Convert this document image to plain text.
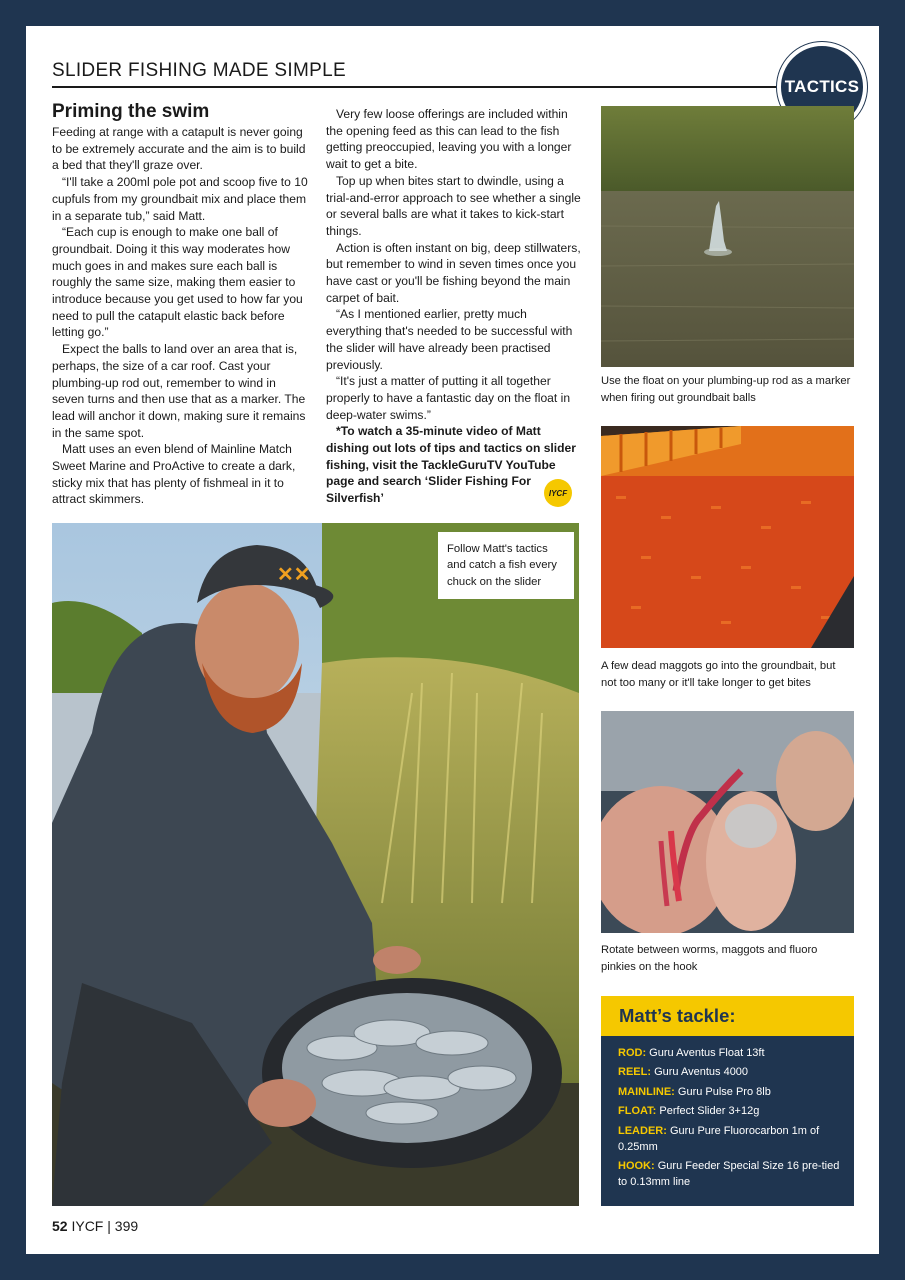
SLIDER FISHING MADE SIMPLE
TACTICS
Priming the swim

Feeding at range with a catapult is never going to be extremely accurate and the aim is to build a bed that they'll graze over.

“I'll take a 200ml pole pot and scoop five to 10 cupfuls from my groundbait mix and place them in a separate tub,” said Matt.

“Each cup is enough to make one ball of groundbait. Doing it this way moderates how much goes in and makes sure each ball is roughly the same size, making them easier to introduce because you get used to how far you need to pull the catapult elastic back before letting go.”

Expect the balls to land over an area that is, perhaps, the size of a car roof. Cast your plumbing-up rod out, remember to wind in seven turns and then use that as a marker. The lead will anchor it down, making sure it remains in the same spot.

Matt uses an even blend of Mainline Match Sweet Marine and ProActive to create a dark, sticky mix that has plenty of fishmeal in it to attract skimmers.

Very few loose offerings are included within the opening feed as this can lead to the fish getting preoccupied, leaving you with a longer wait to get a bite.

Top up when bites start to dwindle, using a trial-and-error approach to see whether a single or several balls are what it takes to kick-start things.

Action is often instant on big, deep stillwaters, but remember to wind in seven times once you have cast or you'll be fishing beyond the main carpet of bait.

“As I mentioned earlier, pretty much everything that's needed to be successful with the slider will have already been practised previously.

“It's just a matter of putting it all together properly to have a fantastic day on the float in deep-water swims.”

*To watch a 35-minute video of Matt dishing out lots of tips and tactics on slider fishing, visit the TackleGuruTV YouTube page and search ‘Slider Fishing For Silverfish’	IYCF
Use the float on your plumbing-up rod as a marker when firing out groundbait balls
A few dead maggots go into the groundbait, but not too many or it'll take longer to get bites
Rotate between worms, maggots and fluoro pinkies on the hook
✕✕
Follow Matt's tactics and catch a fish every chuck on the slider
Matt’s tackle:
ROD: Guru Aventus Float 13ft
REEL: Guru Aventus 4000
MAINLINE: Guru Pulse Pro 8lb
FLOAT: Perfect Slider 3+12g
LEADER: Guru Pure Fluorocarbon 1m of 0.25mm
HOOK: Guru Feeder Special Size 16 pre-tied to 0.13mm line
52 IYCF | 399
